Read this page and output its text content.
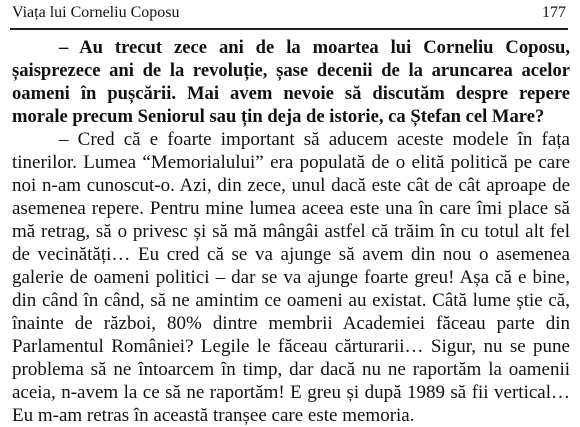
Viața lui Corneliu Coposu	177
– Au trecut zece ani de la moartea lui Corneliu Coposu,
șaisprezece ani de la revoluție, șase decenii de la aruncarea acelor
oameni în pușcării. Mai avem nevoie să discutăm despre repere
morale precum Seniorul sau țin deja de istorie, ca Ștefan cel Mare?
– Cred că e foarte important să aducem aceste modele în fața
tinerilor. Lumea “Memorialului” era populată de o elită politică pe care
noi n-am cunoscut-o. Azi, din zece, unul dacă este cât de cât aproape de
asemenea repere. Pentru mine lumea aceea este una în care îmi place să
mă retrag, să o privesc și să mă mângâi astfel că trăim în cu totul alt fel
de vecinătăți… Eu cred că se va ajunge să avem din nou o asemenea
galerie de oameni politici – dar se va ajunge foarte greu! Așa că e bine,
din când în când, să ne amintim ce oameni au existat. Câtă lume știe că,
înainte de război, 80% dintre membrii Academiei făceau parte din
Parlamentul României? Legile le făceau cărturarii… Sigur, nu se pune
problema să ne întoarcem în timp, dar dacă nu ne raportăm la oamenii
aceia, n-avem la ce să ne raportăm! E greu și după 1989 să fii vertical…
Eu m-am retras în această tranșee care este memoria.
